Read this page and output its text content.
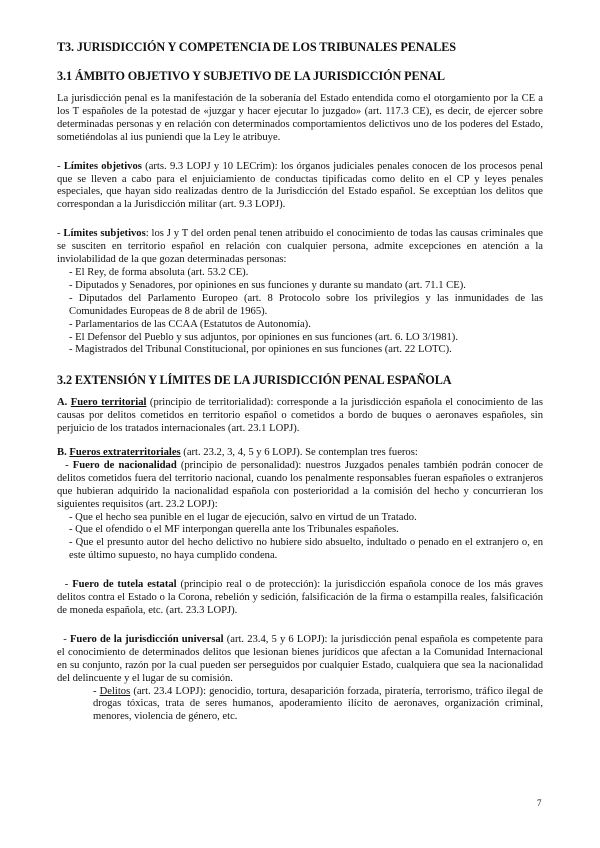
T3. JURISDICCIÓN Y COMPETENCIA DE LOS TRIBUNALES PENALES
3.1 ÁMBITO OBJETIVO Y SUBJETIVO DE LA JURISDICCIÓN PENAL

La jurisdicción penal es la manifestación de la soberanía del Estado entendida como el otorgamiento por la CE a los T españoles de la potestad de «juzgar y hacer ejecutar lo juzgado» (art. 117.3 CE), es decir, de ejercer sobre determinadas personas y en relación con determinados comportamientos delictivos uno de los poderes del Estado, sometiéndolas al ius puniendi que la Ley le atribuye.

- Límites objetivos (arts. 9.3 LOPJ y 10 LECrim): los órganos judiciales penales conocen de los procesos penal que se lleven a cabo para el enjuiciamiento de conductas tipificadas como delito en el CP y leyes penales especiales, que hayan sido realizadas dentro de la Jurisdicción del Estado español. Se exceptúan los delitos que correspondan a la Jurisdicción militar (art. 9.3 LOPJ).

- Límites subjetivos: los J y T del orden penal tenen atribuido el conocimiento de todas las causas criminales que se susciten en territorio español en relación con cualquier persona, admite excepciones en atención a la inviolabilidad de la que gozan determinadas personas:

- El Rey, de forma absoluta (art. 53.2 CE).
- Diputados y Senadores, por opiniones en sus funciones y durante su mandato (art. 71.1 CE).
- Diputados del Parlamento Europeo (art. 8 Protocolo sobre los privilegios y las inmunidades de las Comunidades Europeas de 8 de abril de 1965).
- Parlamentarios de las CCAA (Estatutos de Autonomía).
- El Defensor del Pueblo y sus adjuntos, por opiniones en sus funciones (art. 6. LO 3/1981).
- Magistrados del Tribunal Constitucional, por opiniones en sus funciones (art. 22 LOTC).
3.2 EXTENSIÓN Y LÍMITES DE LA JURISDICCIÓN PENAL ESPAÑOLA

A. Fuero territorial (principio de territorialidad): corresponde a la jurisdicción española el conocimiento de las causas por delitos cometidos en territorio español o cometidos a bordo de buques o aeronaves españoles, sin perjuicio de los tratados internacionales (art. 23.1 LOPJ).

B. Fueros extraterritoriales (art. 23.2, 3, 4, 5 y 6 LOPJ). Se contemplan tres fueros:

- Fuero de nacionalidad (principio de personalidad): nuestros Juzgados penales también podrán conocer de delitos cometidos fuera del territorio nacional, cuando los penalmente responsables fueran españoles o extranjeros que hubieran adquirido la nacionalidad española con posterioridad a la comisión del hecho y concurrieran los siguientes requisitos (art. 23.2 LOPJ):

- Que el hecho sea punible en el lugar de ejecución, salvo en virtud de un Tratado.
- Que el ofendido o el MF interpongan querella ante los Tribunales españoles.
- Que el presunto autor del hecho delictivo no hubiere sido absuelto, indultado o penado en el extranjero o, en este último supuesto, no haya cumplido condena.

- Fuero de tutela estatal (principio real o de protección): la jurisdicción española conoce de los más graves delitos contra el Estado o la Corona, rebelión y sedición, falsificación de la firma o estampilla reales, falsificación de moneda española, etc. (art. 23.3 LOPJ).

- Fuero de la jurisdicción universal (art. 23.4, 5 y 6 LOPJ): la jurisdicción penal española es competente para el conocimiento de determinados delitos que lesionan bienes jurídicos que afectan a la Comunidad Internacional en su conjunto, razón por la cual pueden ser perseguidos por cualquier Estado, cualquiera que sea la nacionalidad del delincuente y el lugar de su comisión.

- Delitos (art. 23.4 LOPJ): genocidio, tortura, desaparición forzada, piratería, terrorismo, tráfico ilegal de drogas tóxicas, trata de seres humanos, apoderamiento ilícito de aeronaves, organización criminal, menores, violencia de género, etc.

7
